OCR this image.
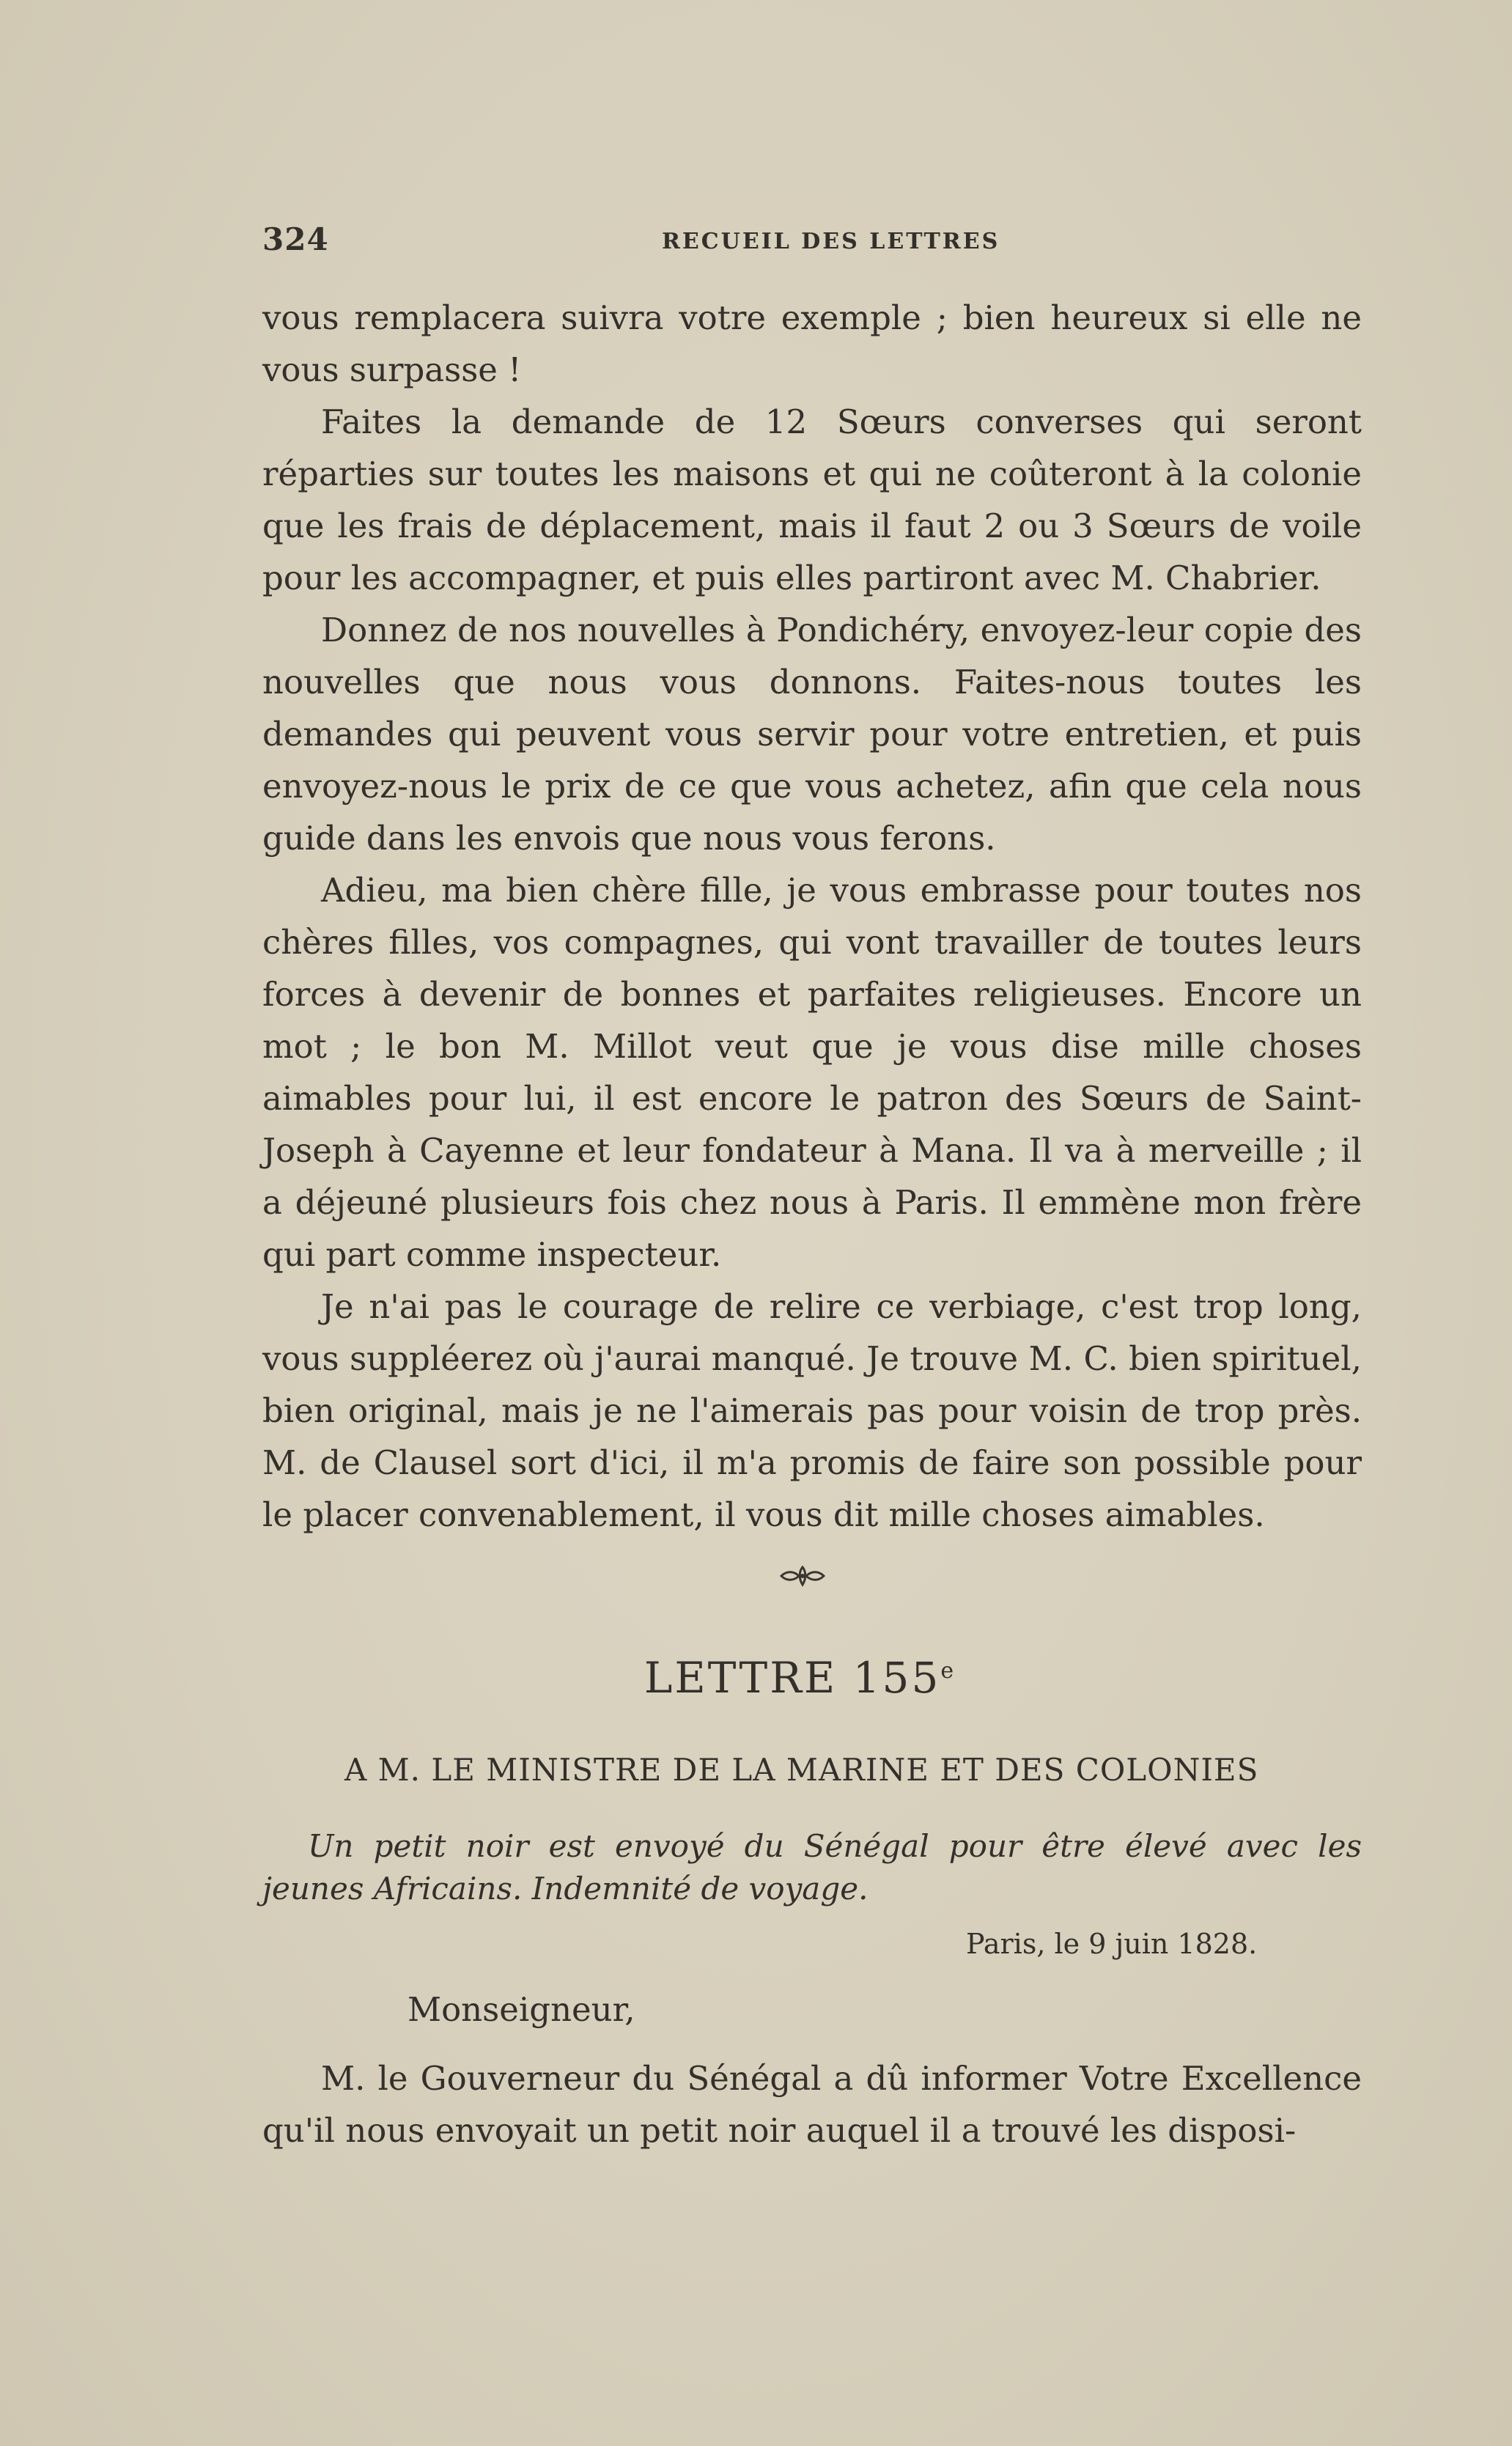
324	RECUEIL DES LETTRES

vous remplacera suivra votre exemple ; bien heureux si elle ne vous surpasse !

Faites la demande de 12 Sœurs converses qui seront réparties sur toutes les maisons et qui ne coûteront à la colonie que les frais de déplacement, mais il faut 2 ou 3 Sœurs de voile pour les accompagner, et puis elles partiront avec M. Chabrier.

Donnez de nos nouvelles à Pondichéry, envoyez-leur copie des nouvelles que nous vous donnons. Faites-nous toutes les demandes qui peuvent vous servir pour votre entretien, et puis envoyez-nous le prix de ce que vous achetez, afin que cela nous guide dans les envois que nous vous ferons.

Adieu, ma bien chère fille, je vous embrasse pour toutes nos chères filles, vos compagnes, qui vont travailler de toutes leurs forces à devenir de bonnes et parfaites religieuses. Encore un mot ; le bon M. Millot veut que je vous dise mille choses aimables pour lui, il est encore le patron des Sœurs de Saint-Joseph à Cayenne et leur fondateur à Mana. Il va à merveille ; il a déjeuné plusieurs fois chez nous à Paris. Il emmène mon frère qui part comme inspecteur.

Je n'ai pas le courage de relire ce verbiage, c'est trop long, vous suppléerez où j'aurai manqué. Je trouve M. C. bien spirituel, bien original, mais je ne l'aimerais pas pour voisin de trop près. M. de Clausel sort d'ici, il m'a promis de faire son possible pour le placer convenablement, il vous dit mille choses aimables.

LETTRE 155e
A M. LE MINISTRE DE LA MARINE ET DES COLONIES

Un petit noir est envoyé du Sénégal pour être élevé avec les jeunes Africains. Indemnité de voyage.

Paris, le 9 juin 1828.
Monseigneur,

M. le Gouverneur du Sénégal a dû informer Votre Excellence qu'il nous envoyait un petit noir auquel il a trouvé les disposi-
